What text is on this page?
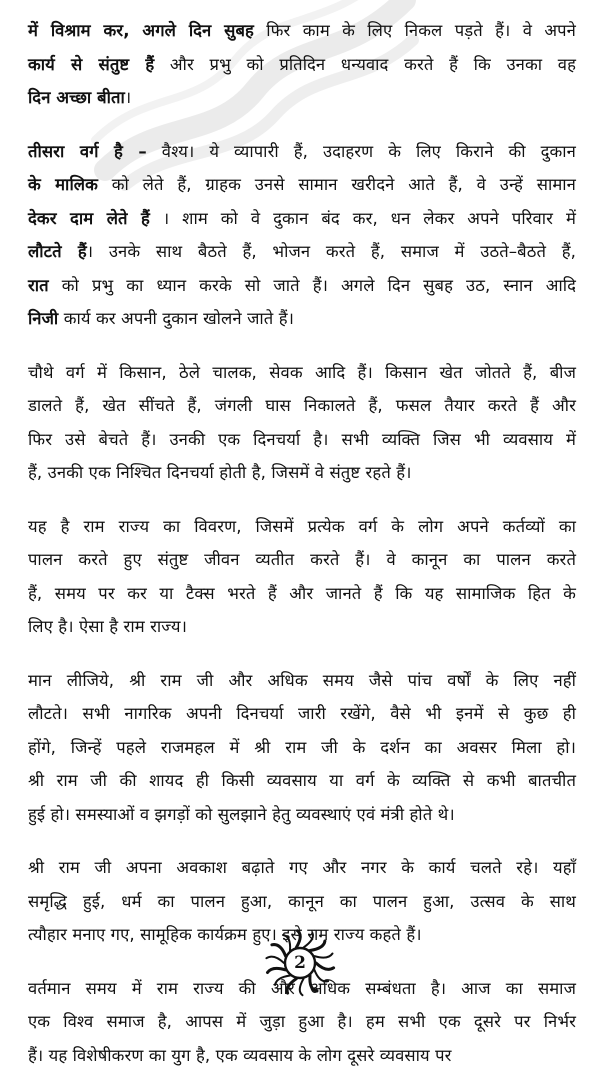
में विश्राम कर, अगले दिन सुबह फिर काम के लिए निकल पड़ते हैं। वे अपने
कार्य से संतुष्ट हैं और प्रभु को प्रतिदिन धन्यवाद करते हैं कि उनका वह
दिन अच्छा बीता।

तीसरा वर्ग है – वैश्य। ये व्यापारी हैं, उदाहरण के लिए किराने की दुकान
के मालिक को लेते हैं, ग्राहक उनसे सामान खरीदने आते हैं, वे उन्हें सामान
देकर दाम लेते हैं । शाम को वे दुकान बंद कर, धन लेकर अपने परिवार में
लौटते हैं। उनके साथ बैठते हैं, भोजन करते हैं, समाज में उठते–बैठते हैं,
रात को प्रभु का ध्यान करके सो जाते हैं। अगले दिन सुबह उठ, स्नान आदि
निजी कार्य कर अपनी दुकान खोलने जाते हैं।

चौथे वर्ग में किसान, ठेले चालक, सेवक आदि हैं। किसान खेत जोतते हैं, बीज
डालते हैं, खेत सींचते हैं, जंगली घास निकालते हैं, फसल तैयार करते हैं और
फिर उसे बेचते हैं। उनकी एक दिनचर्या है। सभी व्यक्ति जिस भी व्यवसाय में
हैं, उनकी एक निश्चित दिनचर्या होती है, जिसमें वे संतुष्ट रहते हैं।

यह है राम राज्य का विवरण, जिसमें प्रत्येक वर्ग के लोग अपने कर्तव्यों का
पालन करते हुए संतुष्ट जीवन व्यतीत करते हैं। वे कानून का पालन करते
हैं, समय पर कर या टैक्स भरते हैं और जानते हैं कि यह सामाजिक हित के
लिए है। ऐसा है राम राज्य।

मान लीजिये, श्री राम जी और अधिक समय जैसे पांच वर्षों के लिए नहीं
लौटते। सभी नागरिक अपनी दिनचर्या जारी रखेंगे, वैसे भी इनमें से कुछ ही
होंगे, जिन्हें पहले राजमहल में श्री राम जी के दर्शन का अवसर मिला हो।
श्री राम जी की शायद ही किसी व्यवसाय या वर्ग के व्यक्ति से कभी बातचीत
हुई हो। समस्याओं व झगड़ों को सुलझाने हेतु व्यवस्थाएं एवं मंत्री होते थे।

श्री राम जी अपना अवकाश बढ़ाते गए और नगर के कार्य चलते रहे। यहाँ
समृद्धि हुई, धर्म का पालन हुआ, कानून का पालन हुआ, उत्सव के साथ
त्यौहार मनाए गए, सामूहिक कार्यक्रम हुए। इसे राम राज्य कहते हैं।

वर्तमान समय में राम राज्य की और अधिक सम्बंधता है। आज का समाज
एक विश्व समाज है, आपस में जुड़ा हुआ है। हम सभी एक दूसरे पर निर्भर
हैं। यह विशेषीकरण का युग है, एक व्यवसाय के लोग दूसरे व्यवसाय पर

2
